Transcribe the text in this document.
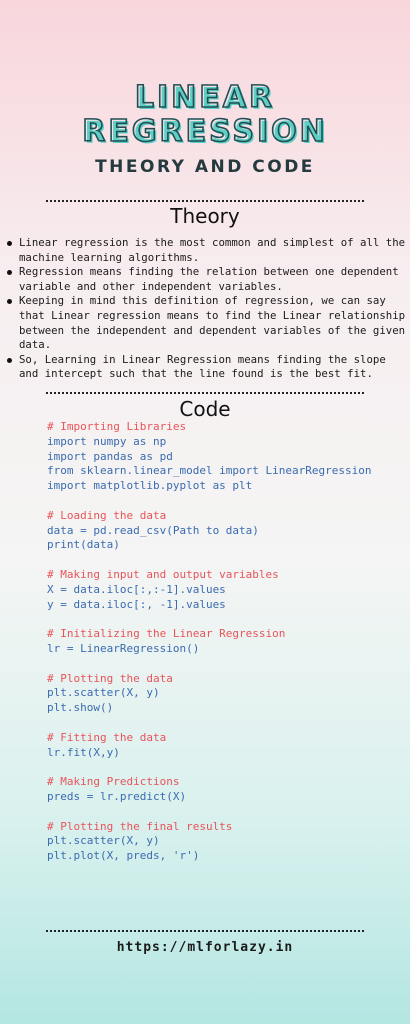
LINEAR
REGRESSION
THEORY AND CODE
Theory
Linear regression is the most common and simplest of all the machine learning algorithms.
Regression means finding the relation between one dependent variable and other independent variables.
Keeping in mind this definition of regression, we can say that Linear regression means to find the Linear relationship between the independent and dependent variables of the given data.
So, Learning in Linear Regression means finding the slope and intercept such that the line found is the best fit.
Code
# Importing Libraries
import numpy as np
import pandas as pd
from sklearn.linear_model import LinearRegression
import matplotlib.pyplot as plt
# Loading the data
data = pd.read_csv(Path to data)
print(data)
# Making input and output variables
X = data.iloc[:,:-1].values
y = data.iloc[:, -1].values
# Initializing the Linear Regression
lr = LinearRegression()
# Plotting the data
plt.scatter(X, y)
plt.show()
# Fitting the data
lr.fit(X,y)
# Making Predictions
preds = lr.predict(X)
# Plotting the final results
plt.scatter(X, y)
plt.plot(X, preds, 'r')
https://mlforlazy.in
